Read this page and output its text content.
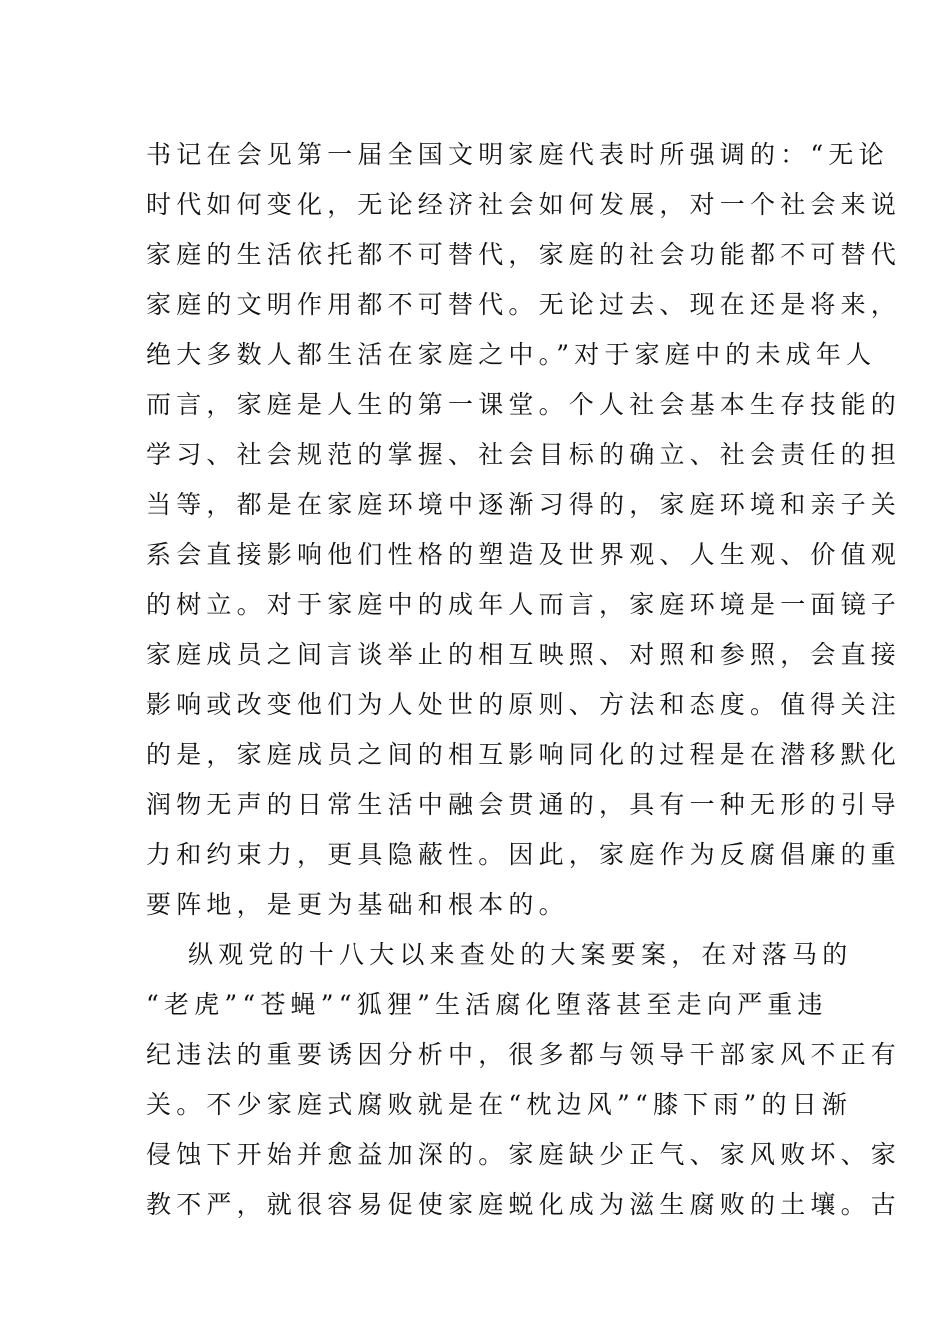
书记在会见第一届全国文明家庭代表时所强调的：“无论
时代如何变化，无论经济社会如何发展，对一个社会来说
家庭的生活依托都不可替代，家庭的社会功能都不可替代
家庭的文明作用都不可替代。无论过去、现在还是将来，
绝大多数人都生活在家庭之中。”对于家庭中的未成年人
而言，家庭是人生的第一课堂。个人社会基本生存技能的
学习、社会规范的掌握、社会目标的确立、社会责任的担
当等，都是在家庭环境中逐渐习得的，家庭环境和亲子关
系会直接影响他们性格的塑造及世界观、人生观、价值观
的树立。对于家庭中的成年人而言，家庭环境是一面镜子
家庭成员之间言谈举止的相互映照、对照和参照，会直接
影响或改变他们为人处世的原则、方法和态度。值得关注
的是，家庭成员之间的相互影响同化的过程是在潜移默化
润物无声的日常生活中融会贯通的，具有一种无形的引导
力和约束力，更具隐蔽性。因此，家庭作为反腐倡廉的重
要阵地，是更为基础和根本的。
纵观党的十八大以来查处的大案要案，在对落马的
“老虎”“苍蝇”“狐狸”生活腐化堕落甚至走向严重违
纪违法的重要诱因分析中，很多都与领导干部家风不正有
关。不少家庭式腐败就是在“枕边风”“膝下雨”的日渐
侵蚀下开始并愈益加深的。家庭缺少正气、家风败坏、家
教不严，就很容易促使家庭蜕化成为滋生腐败的土壤。古
